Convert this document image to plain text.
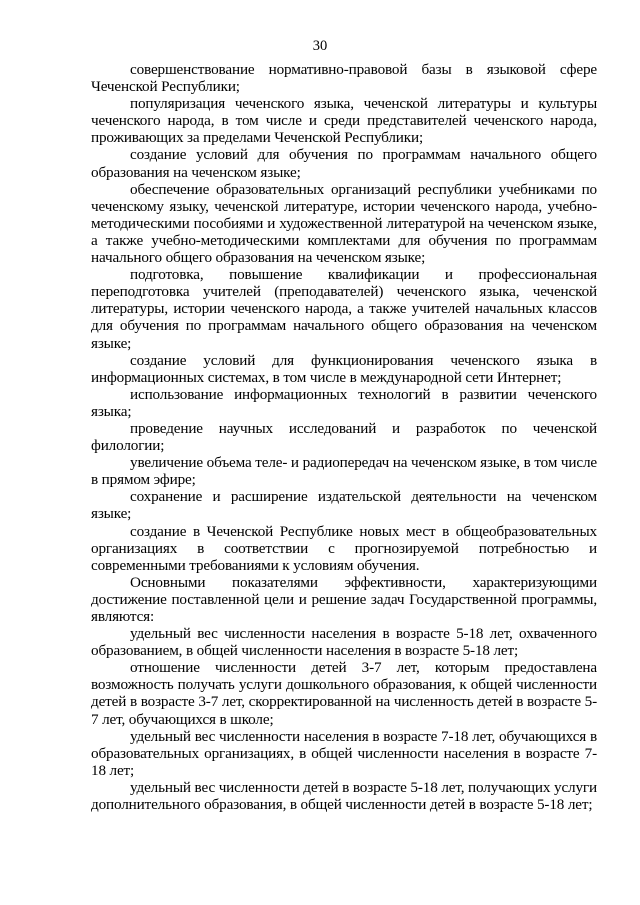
30

совершенствование нормативно-правовой базы в языковой сфере Чеченской Республики;

популяризация чеченского языка, чеченской литературы и культуры чеченского народа, в том числе и среди представителей чеченского народа, проживающих за пределами Чеченской Республики;

создание условий для обучения по программам начального общего образования на чеченском языке;

обеспечение образовательных организаций республики учебниками по чеченскому языку, чеченской литературе, истории чеченского народа, учебно-методическими пособиями и художественной литературой на чеченском языке, а также учебно-методическими комплектами для обучения по программам начального общего образования на чеченском языке;

подготовка, повышение квалификации и профессиональная переподготовка учителей (преподавателей) чеченского языка, чеченской литературы, истории чеченского народа, а также учителей начальных классов для обучения по программам начального общего образования на чеченском языке;

создание условий для функционирования чеченского языка в информационных системах, в том числе в международной сети Интернет;

использование информационных технологий в развитии чеченского языка;

проведение научных исследований и разработок по чеченской филологии;

увеличение объема теле- и радиопередач на чеченском языке, в том числе в прямом эфире;

сохранение и расширение издательской деятельности на чеченском языке;

создание в Чеченской Республике новых мест в общеобразовательных организациях в соответствии с прогнозируемой потребностью и современными требованиями к условиям обучения.

Основными показателями эффективности, характеризующими достижение поставленной цели и решение задач Государственной программы, являются:

удельный вес численности населения в возрасте 5-18 лет, охваченного образованием, в общей численности населения в возрасте 5-18 лет;

отношение численности детей 3-7 лет, которым предоставлена возможность получать услуги дошкольного образования, к общей численности детей в возрасте 3-7 лет, скорректированной на численность детей в возрасте 5-7 лет, обучающихся в школе;

удельный вес численности населения в возрасте 7-18 лет, обучающихся в образовательных организациях, в общей численности населения в возрасте 7-18 лет;

удельный вес численности детей в возрасте 5-18 лет, получающих услуги дополнительного образования, в общей численности детей в возрасте 5-18 лет;
